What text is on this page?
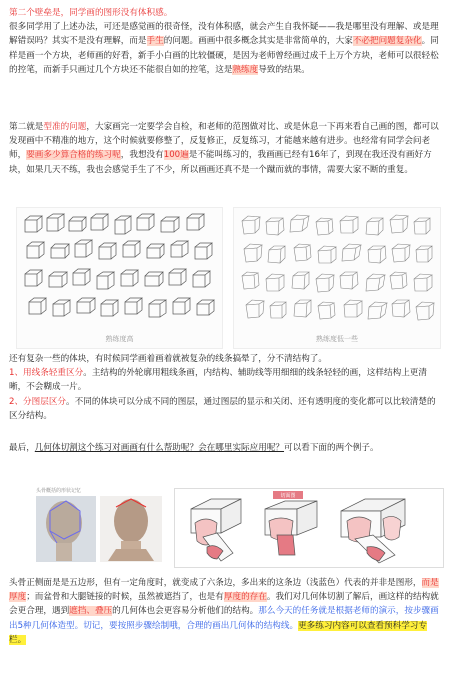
第二个壁垒是，同学画的图形没有体积感。
很多同学用了上述办法，可还是感觉画的很奇怪，没有体积感，就会产生自我怀疑——我是哪里没有理解、或是理解错误吗？其实不是没有理解，而是手生的问题。画画中很多概念其实是非常简单的，大家不必把问题复杂化。同样是画一个方块，老师画的好看，新手小白画的比较僵硬，是因为老师曾经画过成千上万个方块，老师可以很轻松的控笔，而新手只画过几个方块还不能很自如的控笔，这是熟练度导致的结果。

第二就是型准的问题，大家画完一定要学会自检，和老师的范图做对比、或是休息一下再来看自己画的图，都可以发现画中不精准的地方，这个时候就要修整了，反复修正，反复练习，才能越来越有进步。也经常有同学会问老师，要画多少算合格的练习呢，我想没有100遍是不能叫练习的，我画画已经有16年了，到现在我还没有画好方块，如果几天不练，我也会感觉手生了不少，所以画画还真不是一个蹴而就的事情，需要大家不断的重复。

熟练度高	熟练度低一些

还有复杂一些的体块，有时候同学画着画着就被复杂的线条搞晕了，分不清结构了。
1、用线条轻重区分。主结构的外轮廓用粗线条画，内结构、辅助线等用细细的线条轻轻的画，这样结构上更清晰，不会糊成一片。
2、分图层区分。不同的体块可以分成不同的图层，通过图层的显示和关闭、还有透明度的变化都可以比较清楚的区分结构。

最后，几何体切割这个练习对画画有什么帮助呢？会在哪里实际应用呢？可以看下面的两个例子。

头骨概括的形状记忆
切面图

头骨正侧面是是五边形，但有一定角度时，就变成了六条边，多出来的这条边（浅蓝色）代表的并非是图形，而是厚度；而盆骨和大腿链接的时候，虽然被遮挡了，也是有厚度的存在。我们对几何体切割了解后，画这样的结构就会更合理，遇到遮挡、叠压的几何体也会更容易分析他们的结构。那么今天的任务就是根据老师的演示，按步骤画出5种几何体造型。切记，要按照步骤绘制哦，合理的画出几何体的结构线。更多练习内容可以查看预科学习专栏。
